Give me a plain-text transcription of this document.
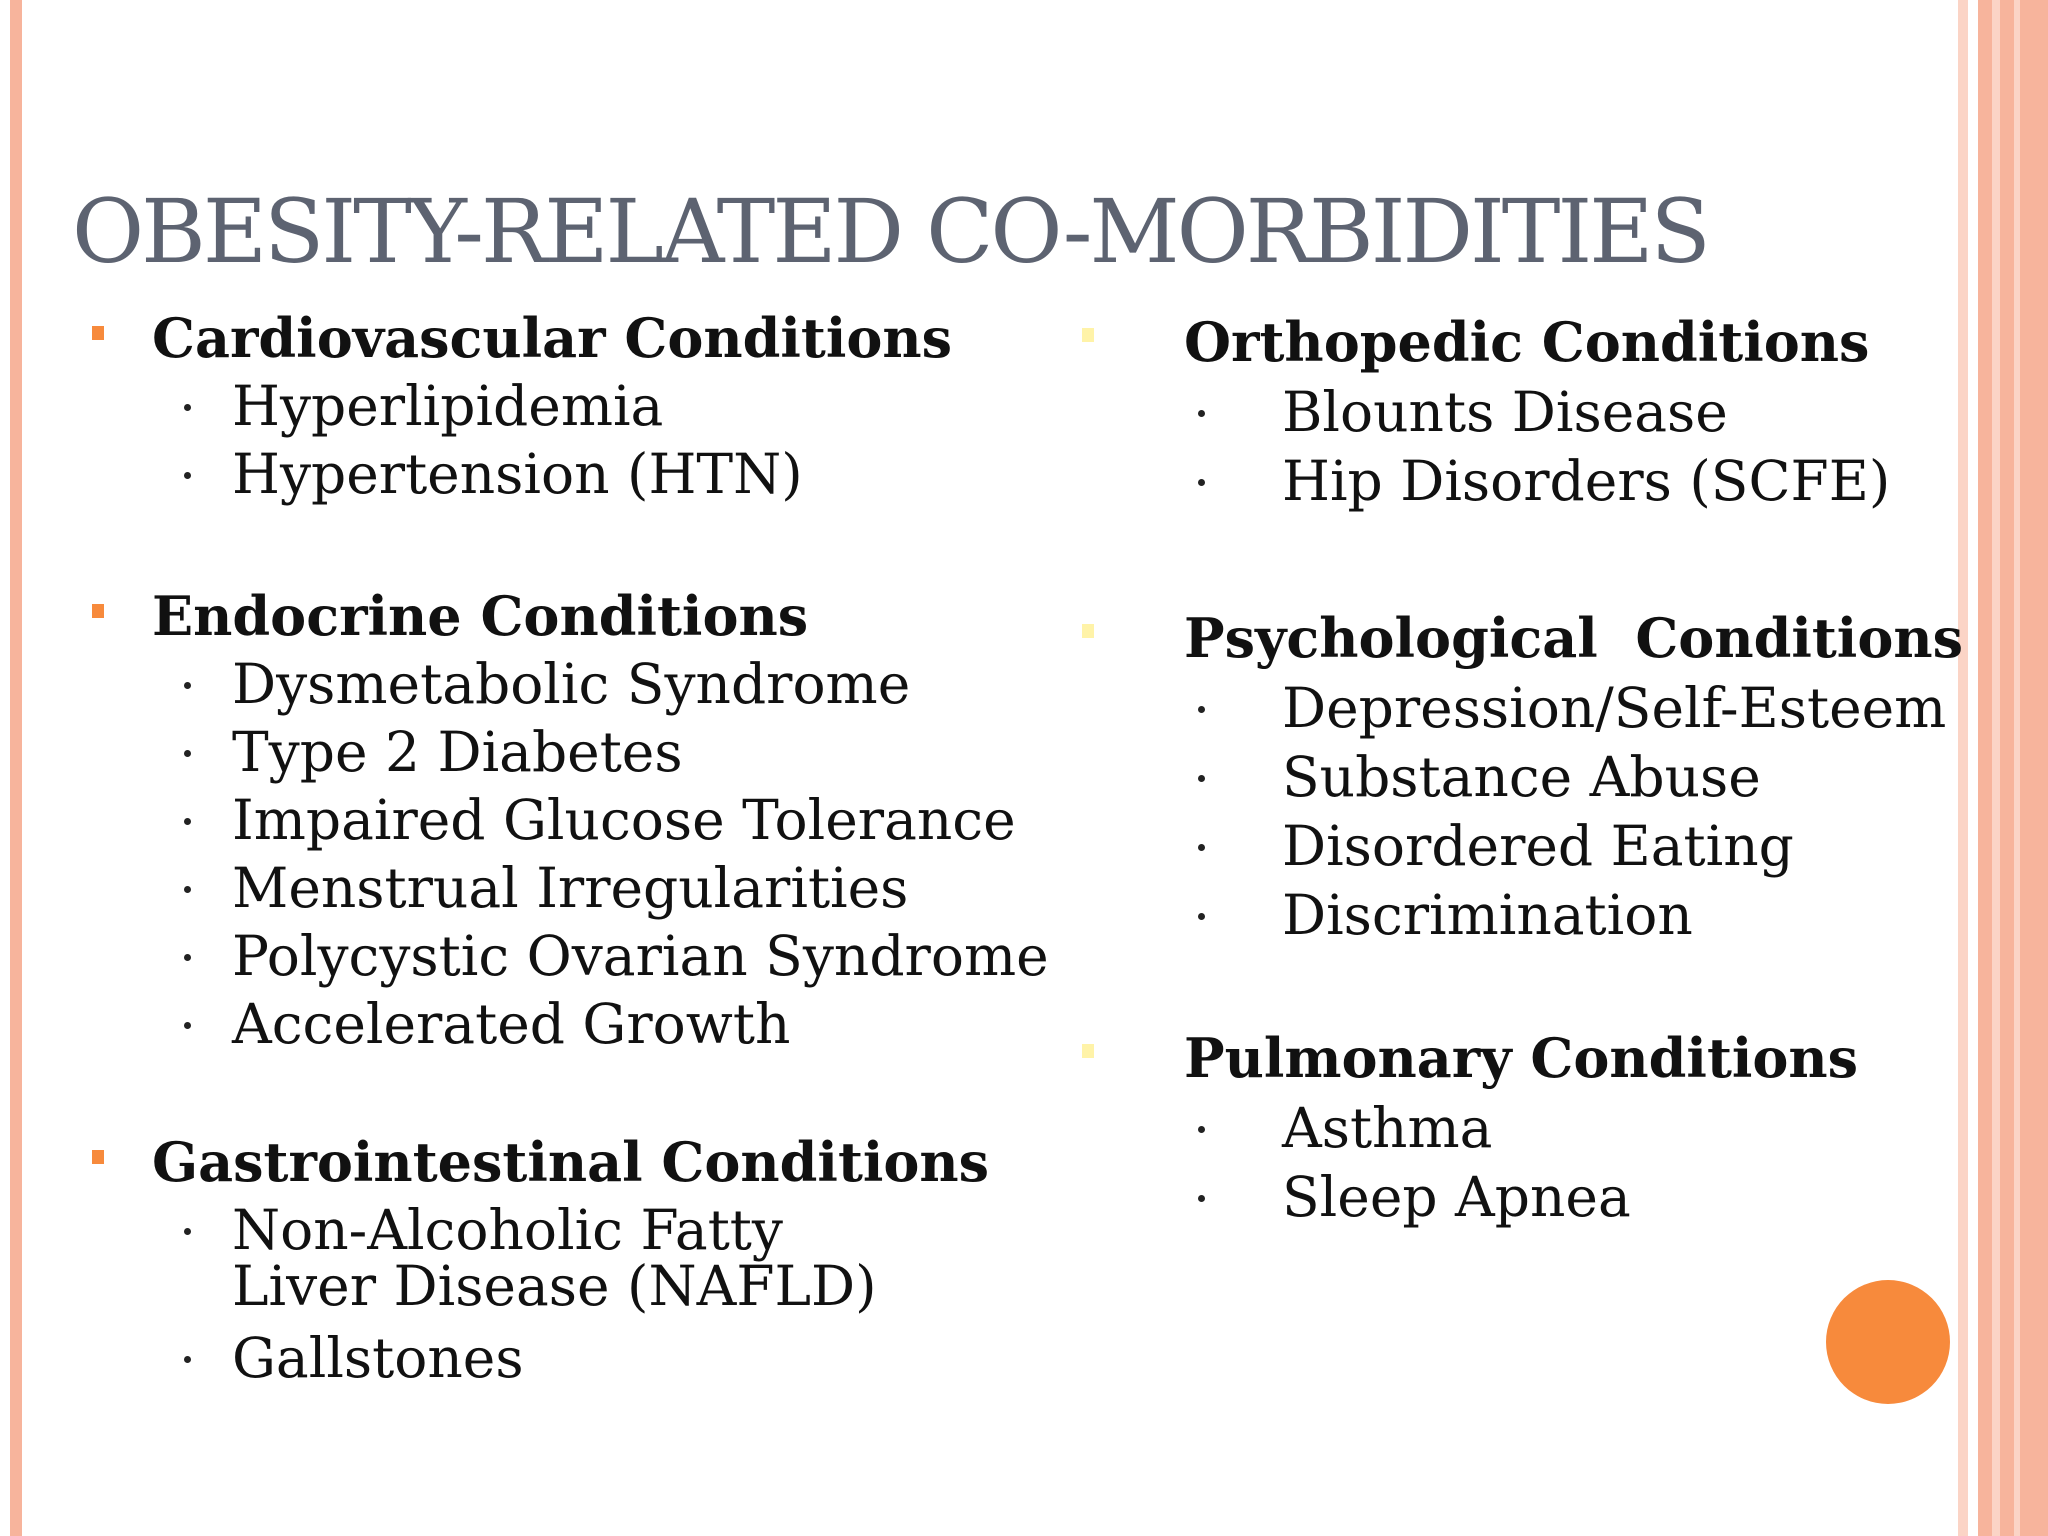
OBESITY-RELATED CO-MORBIDITIES
Cardiovascular Conditions
Hyperlipidemia
Hypertension (HTN)
Endocrine Conditions
Dysmetabolic Syndrome
Type 2 Diabetes
Impaired Glucose Tolerance
Menstrual Irregularities
Polycystic Ovarian Syndrome
Accelerated Growth
Gastrointestinal Conditions
Non-Alcoholic Fatty Liver Disease (NAFLD)
Gallstones
Orthopedic Conditions
Blounts Disease
Hip Disorders (SCFE)
Psychological  Conditions
Depression/Self-Esteem
Substance Abuse
Disordered Eating
Discrimination
Pulmonary Conditions
Asthma
Sleep Apnea
